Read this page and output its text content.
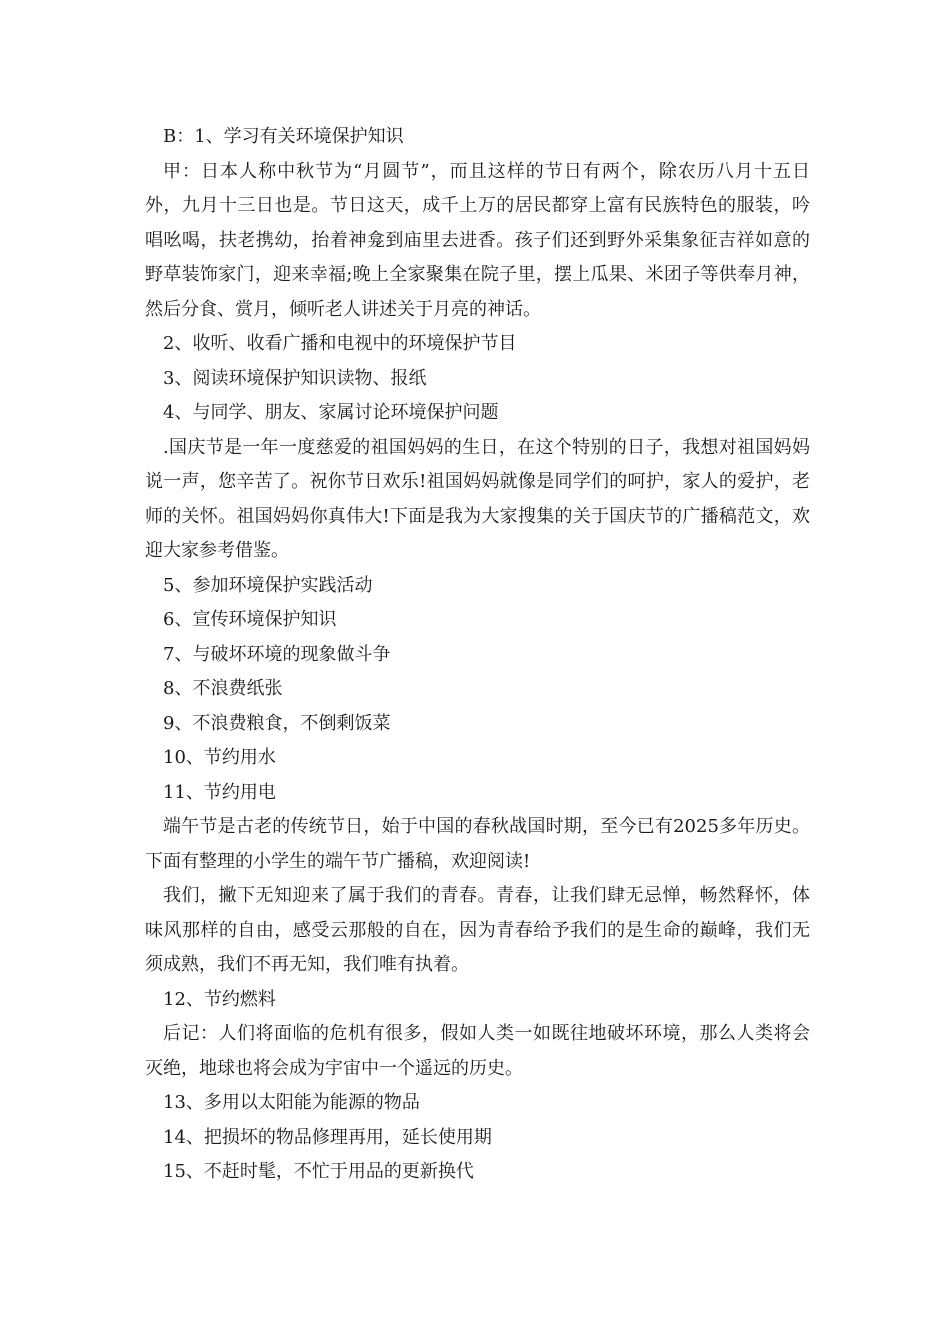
B：1、学习有关环境保护知识

甲：日本人称中秋节为“月圆节”，而且这样的节日有两个，除农历八月十五日外，九月十三日也是。节日这天，成千上万的居民都穿上富有民族特色的服装，吟唱吆喝，扶老携幼，抬着神龛到庙里去进香。孩子们还到野外采集象征吉祥如意的野草装饰家门，迎来幸福;晚上全家聚集在院子里，摆上瓜果、米团子等供奉月神，然后分食、赏月，倾听老人讲述关于月亮的神话。

2、收听、收看广播和电视中的环境保护节目

3、阅读环境保护知识读物、报纸

4、与同学、朋友、家属讨论环境保护问题

.国庆节是一年一度慈爱的祖国妈妈的生日，在这个特别的日子，我想对祖国妈妈说一声，您辛苦了。祝你节日欢乐!祖国妈妈就像是同学们的呵护，家人的爱护，老师的关怀。祖国妈妈你真伟大!下面是我为大家搜集的关于国庆节的广播稿范文，欢迎大家参考借鉴。

5、参加环境保护实践活动

6、宣传环境保护知识

7、与破坏环境的现象做斗争

8、不浪费纸张

9、不浪费粮食，不倒剩饭菜

10、节约用水

11、节约用电

端午节是古老的传统节日，始于中国的春秋战国时期，至今已有2025多年历史。下面有整理的小学生的端午节广播稿，欢迎阅读!

我们，撇下无知迎来了属于我们的青春。青春，让我们肆无忌惮，畅然释怀，体味风那样的自由，感受云那般的自在，因为青春给予我们的是生命的巅峰，我们无须成熟，我们不再无知，我们唯有执着。

12、节约燃料

后记：人们将面临的危机有很多，假如人类一如既往地破坏环境，那么人类将会灭绝，地球也将会成为宇宙中一个遥远的历史。

13、多用以太阳能为能源的物品

14、把损坏的物品修理再用，延长使用期

15、不赶时髦，不忙于用品的更新换代
